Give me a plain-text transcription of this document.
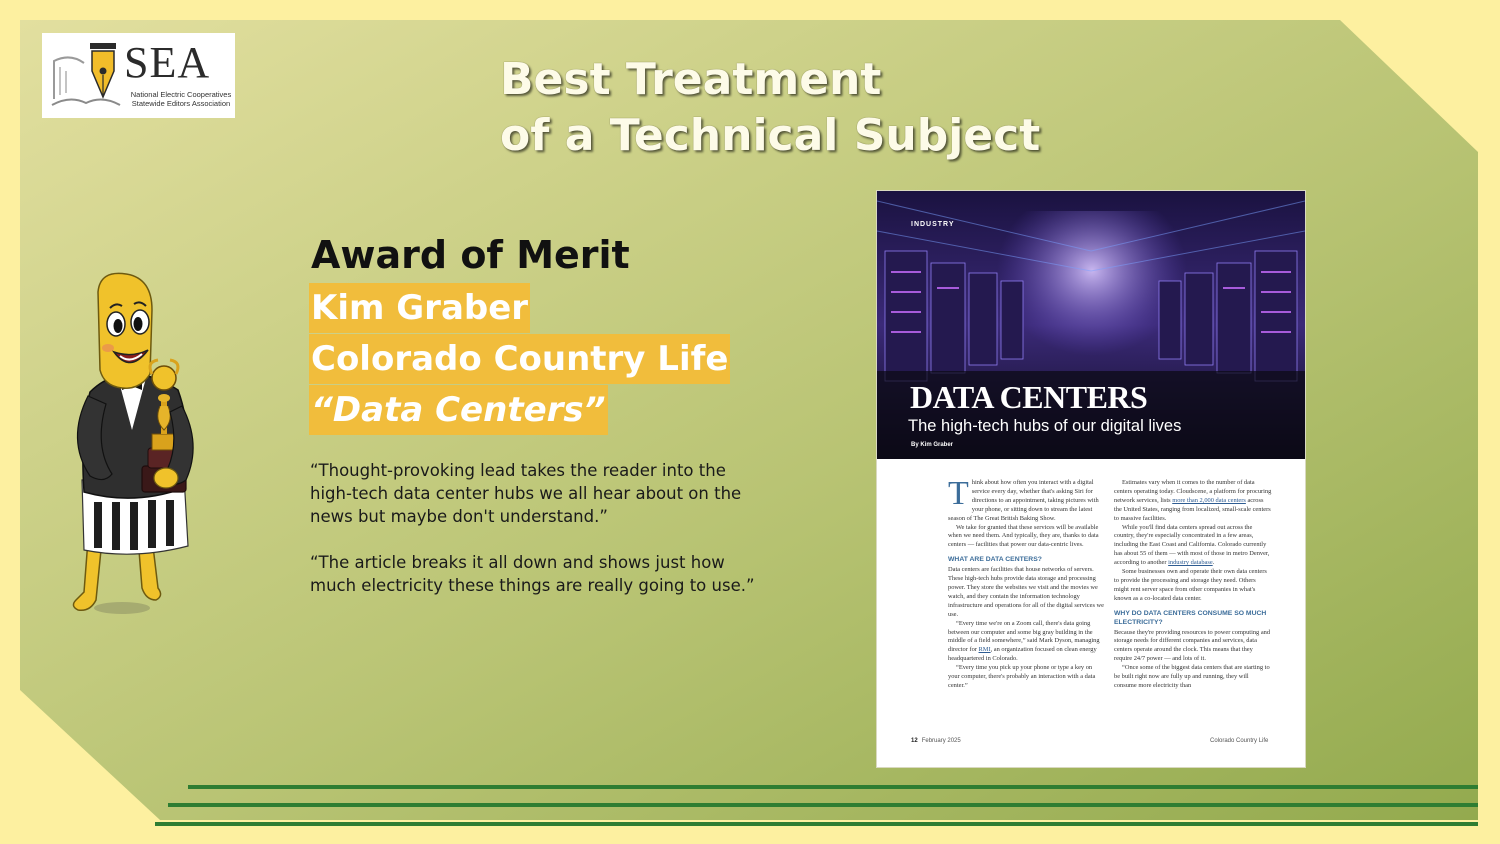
SEA
National Electric Cooperatives
Statewide Editors Association	Best Treatment
of a Technical Subject
Award of Merit
Kim Graber
Colorado Country Life
“Data Centers”
“Thought-provoking lead takes the reader into the high-tech data center hubs we all hear about on the news but maybe don't understand.”
“The article breaks it all down and shows just how much electricity these things are really going to use.”
INDUSTRY
DATA CENTERS
The high-tech hubs of our digital lives
By Kim Graber

Think about how often you interact with a digital service every day, whether that's asking Siri for directions to an appointment, taking pictures with your phone, or sitting down to stream the latest season of The Great British Baking Show.

We take for granted that these services will be available when we need them. And typically, they are, thanks to data centers — facilities that power our data-centric lives.

WHAT ARE DATA CENTERS?

Data centers are facilities that house networks of servers. These high-tech hubs provide data storage and processing power. They store the websites we visit and the movies we watch, and they contain the information technology infrastructure and operations for all of the digital services we use.

“Every time we're on a Zoom call, there's data going between our computer and some big gray building in the middle of a field somewhere,” said Mark Dyson, managing director for RMI, an organization focused on clean energy headquartered in Colorado.

“Every time you pick up your phone or type a key on your computer, there's probably an interaction with a data center.”

Estimates vary when it comes to the number of data centers operating today. Cloudscene, a platform for procuring network services, lists more than 2,000 data centers across the United States, ranging from localized, small-scale centers to massive facilities.

While you'll find data centers spread out across the country, they're especially concentrated in a few areas, including the East Coast and California. Colorado currently has about 55 of them — with most of those in metro Denver, according to another industry database.

Some businesses own and operate their own data centers to provide the processing and storage they need. Others might rent server space from other companies in what's known as a co-located data center.

WHY DO DATA CENTERS CONSUME SO MUCH ELECTRICITY?

Because they're providing resources to power computing and storage needs for different companies and services, data centers operate around the clock. This means that they require 24/7 power — and lots of it.

“Once some of the biggest data centers that are starting to be built right now are fully up and running, they will consume more electricity than

12 February 2025	Colorado Country Life
